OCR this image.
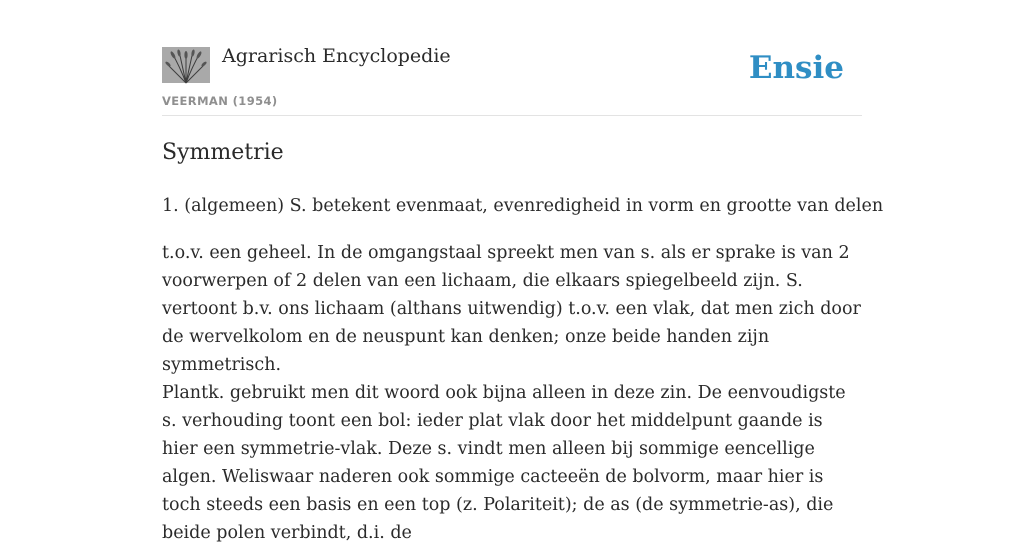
Agrarisch Encyclopedie
VEERMAN (1954)
Ensie
Symmetrie

1. (algemeen) S. betekent evenmaat, evenredigheid in vorm en grootte van delen

t.o.v. een geheel. In de omgangstaal spreekt men van s. als er sprake is van 2 voorwerpen of 2 delen van een lichaam, die elkaars spiegelbeeld zijn. S. vertoont b.v. ons lichaam (althans uitwendig) t.o.v. een vlak, dat men zich door de wervelkolom en de neuspunt kan denken; onze beide handen zijn symmetrisch.

Plantk. gebruikt men dit woord ook bijna alleen in deze zin. De eenvoudigste s. verhouding toont een bol: ieder plat vlak door het middelpunt gaande is hier een symmetrie-vlak. Deze s. vindt men alleen bij sommige eencellige algen. Weliswaar naderen ook sommige cacteeën de bolvorm, maar hier is toch steeds een basis en een top (z. Polariteit); de as (de symmetrie-as), die beide polen verbindt, d.i. de
